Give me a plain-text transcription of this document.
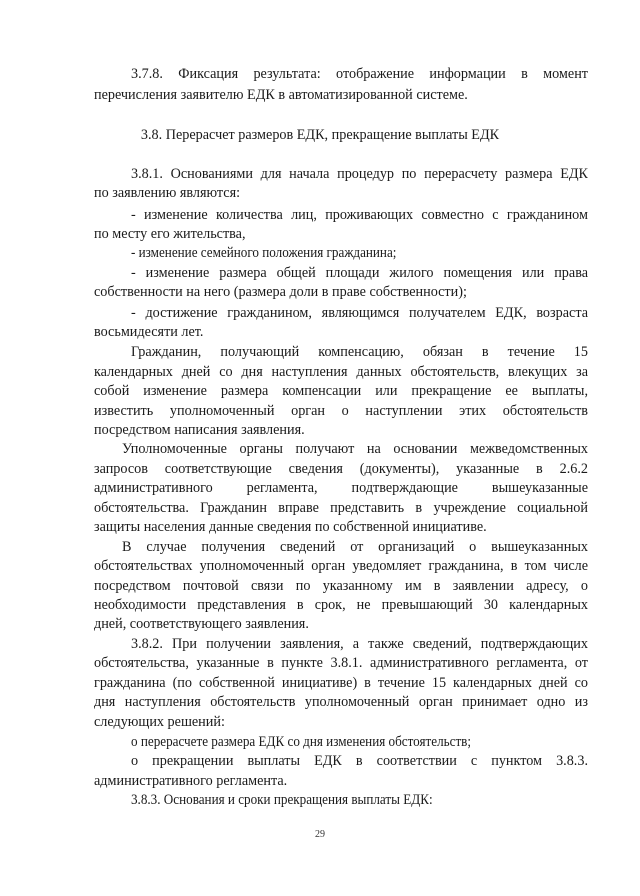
3.7.8. Фиксация результата: отображение информации в момент
перечисления заявителю ЕДК в автоматизированной системе.
3.8. Перерасчет размеров ЕДК, прекращение выплаты ЕДК
3.8.1. Основаниями для начала процедур по перерасчету размера ЕДК
по заявлению являются:
- изменение количества лиц, проживающих совместно с гражданином
по месту его жительства,
- изменение семейного положения гражданина;
- изменение размера общей площади жилого помещения или права
собственности на него (размера доли в праве собственности);
- достижение гражданином, являющимся получателем ЕДК, возраста
восьмидесяти лет.
Гражданин, получающий компенсацию, обязан в течение 15
календарных дней со дня наступления данных обстоятельств, влекущих за
собой изменение размера компенсации или прекращение ее выплаты,
известить уполномоченный орган о наступлении этих обстоятельств
посредством написания заявления.
Уполномоченные органы получают на основании межведомственных
запросов соответствующие сведения (документы), указанные в 2.6.2
административного регламента, подтверждающие вышеуказанные
обстоятельства. Гражданин вправе представить в учреждение социальной
защиты населения данные сведения по собственной инициативе.
В случае получения сведений от организаций о вышеуказанных
обстоятельствах уполномоченный орган уведомляет гражданина, в том числе
посредством почтовой связи по указанному им в заявлении адресу, о
необходимости представления в срок, не превышающий 30 календарных
дней, соответствующего заявления.
3.8.2. При получении заявления, а также сведений, подтверждающих
обстоятельства, указанные в пункте 3.8.1. административного регламента, от
гражданина (по собственной инициативе) в течение 15 календарных дней со
дня наступления обстоятельств уполномоченный орган принимает одно из
следующих решений:
о перерасчете размера ЕДК со дня изменения обстоятельств;
о прекращении выплаты ЕДК в соответствии с пунктом 3.8.3.
административного регламента.
3.8.3. Основания и сроки прекращения выплаты ЕДК:
29
